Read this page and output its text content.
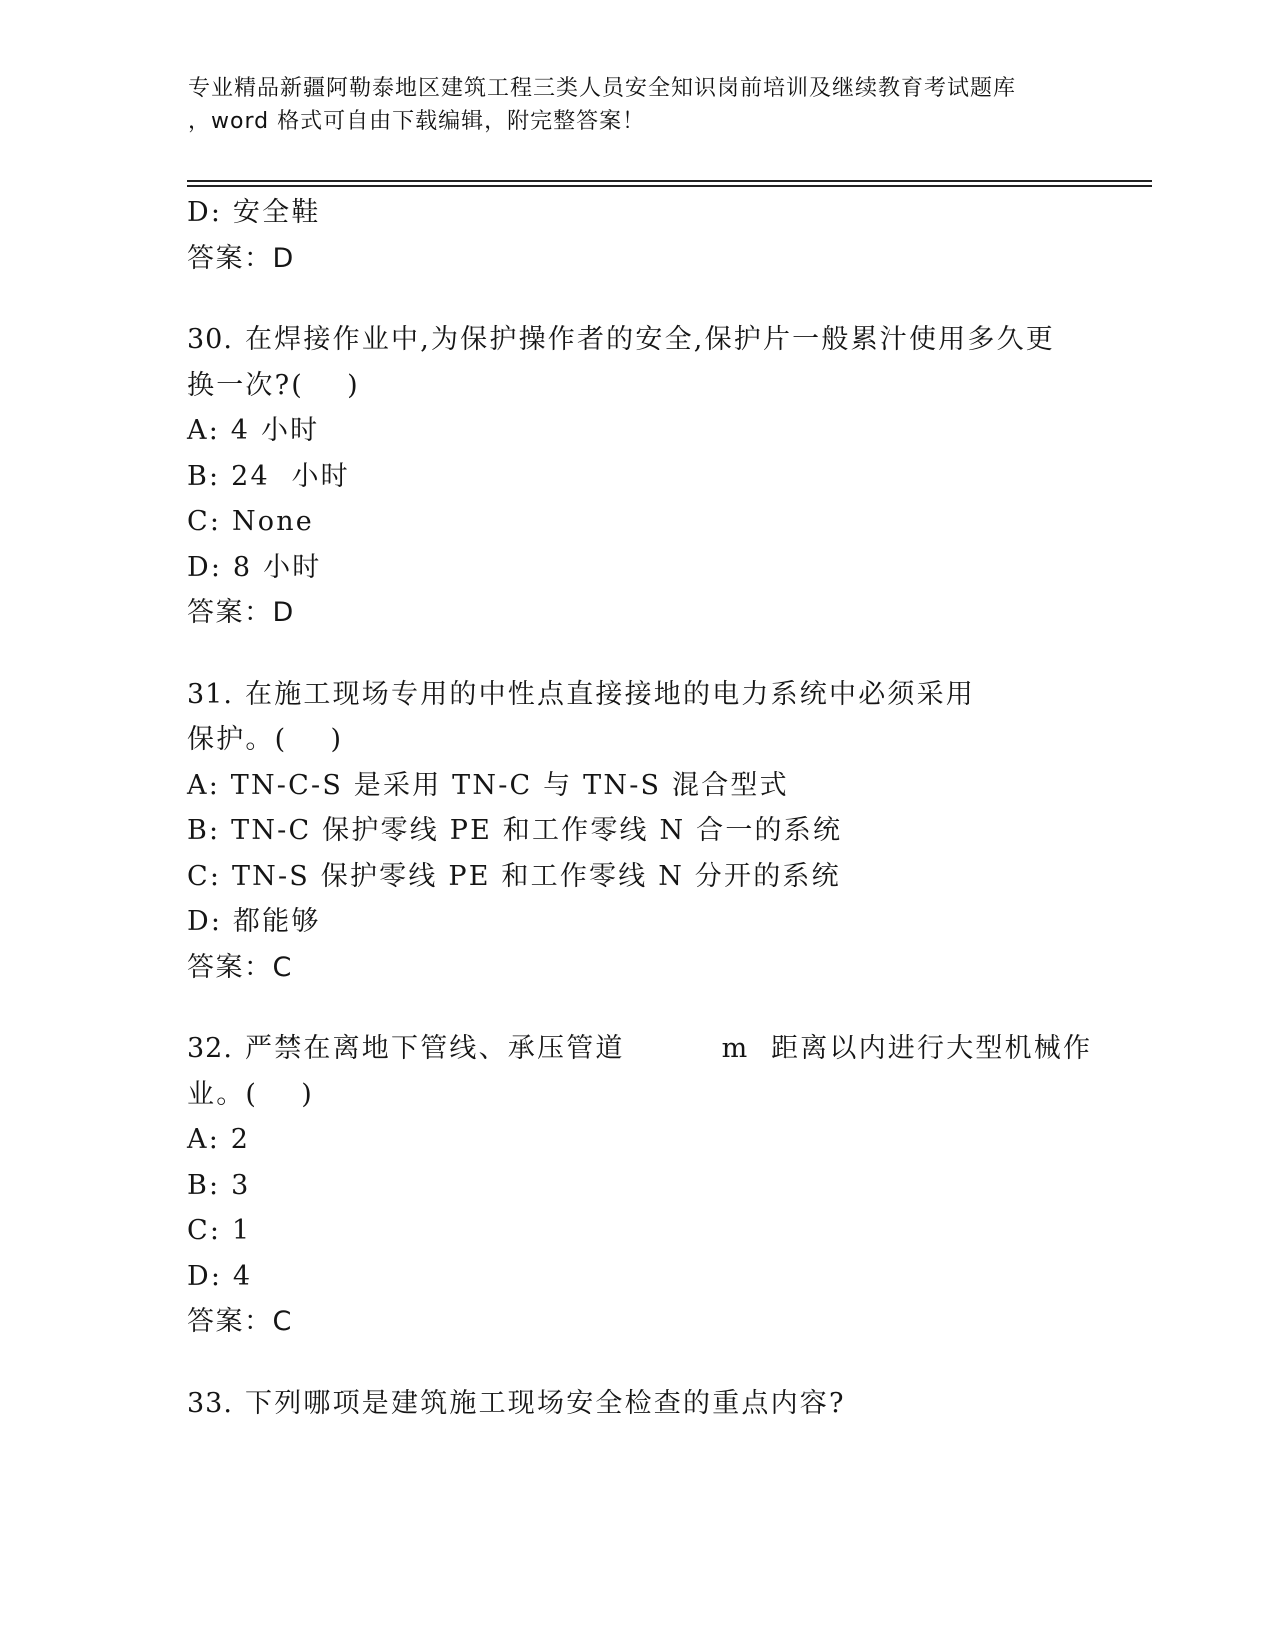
专业精品新疆阿勒泰地区建筑工程三类人员安全知识岗前培训及继续教育考试题库
，word 格式可自由下载编辑，附完整答案！
D: 安全鞋
答案：D
30. 在焊接作业中,为保护操作者的安全,保护片一般累汁使用多久更
换一次?(    )
A: 4 小时
B: 24  小时
C: None
D: 8 小时
答案：D
31. 在施工现场专用的中性点直接接地的电力系统中必须采用
保护。(    )
A: TN-C-S 是采用 TN-C 与 TN-S 混合型式
B: TN-C 保护零线 PE 和工作零线 N 合一的系统
C: TN-S 保护零线 PE 和工作零线 N 分开的系统
D: 都能够
答案：C
32. 严禁在离地下管线、承压管道         m  距离以内进行大型机械作
业。(    )
A: 2
B: 3
C: 1
D: 4
答案：C
33. 下列哪项是建筑施工现场安全检查的重点内容?
